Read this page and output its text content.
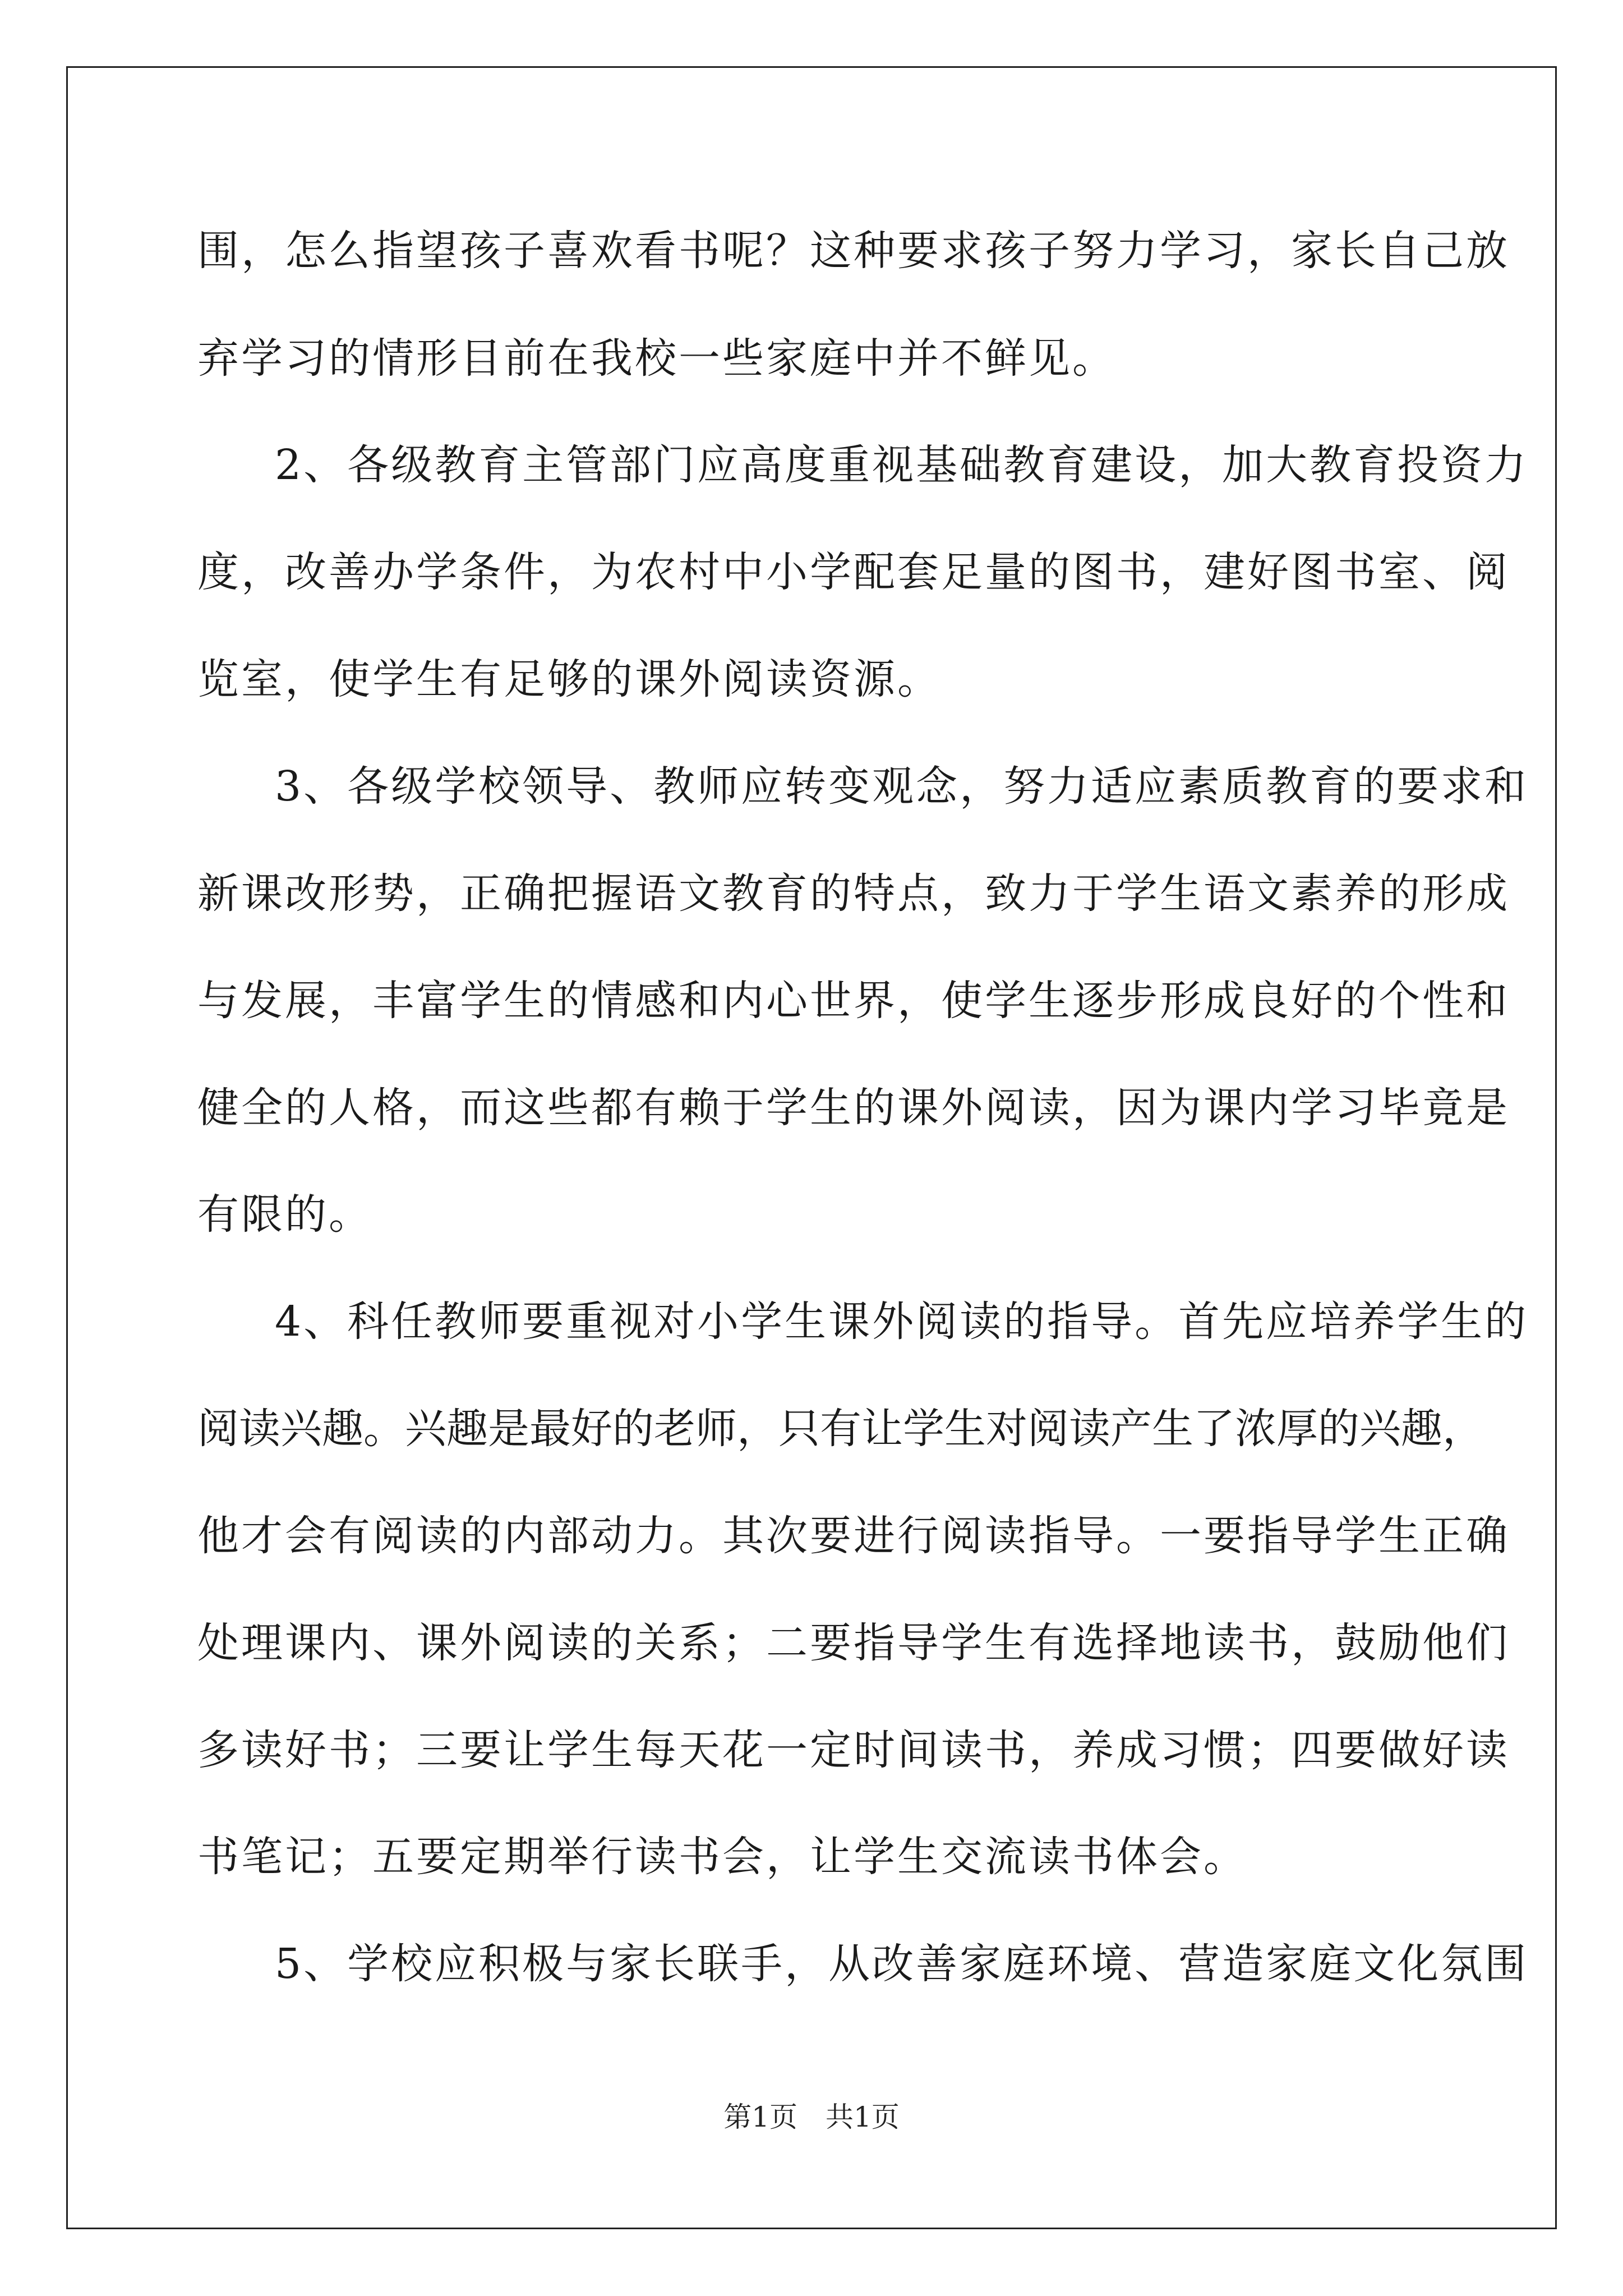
围，怎么指望孩子喜欢看书呢？这种要求孩子努力学习，家长自己放
弃学习的情形目前在我校一些家庭中并不鲜见。
2、各级教育主管部门应高度重视基础教育建设，加大教育投资力
度，改善办学条件，为农村中小学配套足量的图书，建好图书室、阅
览室，使学生有足够的课外阅读资源。
3、各级学校领导、教师应转变观念，努力适应素质教育的要求和
新课改形势，正确把握语文教育的特点，致力于学生语文素养的形成
与发展，丰富学生的情感和内心世界，使学生逐步形成良好的个性和
健全的人格，而这些都有赖于学生的课外阅读，因为课内学习毕竟是
有限的。
4、科任教师要重视对小学生课外阅读的指导。首先应培养学生的
阅读兴趣。兴趣是最好的老师，只有让学生对阅读产生了浓厚的兴趣，
他才会有阅读的内部动力。其次要进行阅读指导。一要指导学生正确
处理课内、课外阅读的关系；二要指导学生有选择地读书，鼓励他们
多读好书；三要让学生每天花一定时间读书，养成习惯；四要做好读
书笔记；五要定期举行读书会，让学生交流读书体会。
5、学校应积极与家长联手，从改善家庭环境、营造家庭文化氛围
第1页　共1页
